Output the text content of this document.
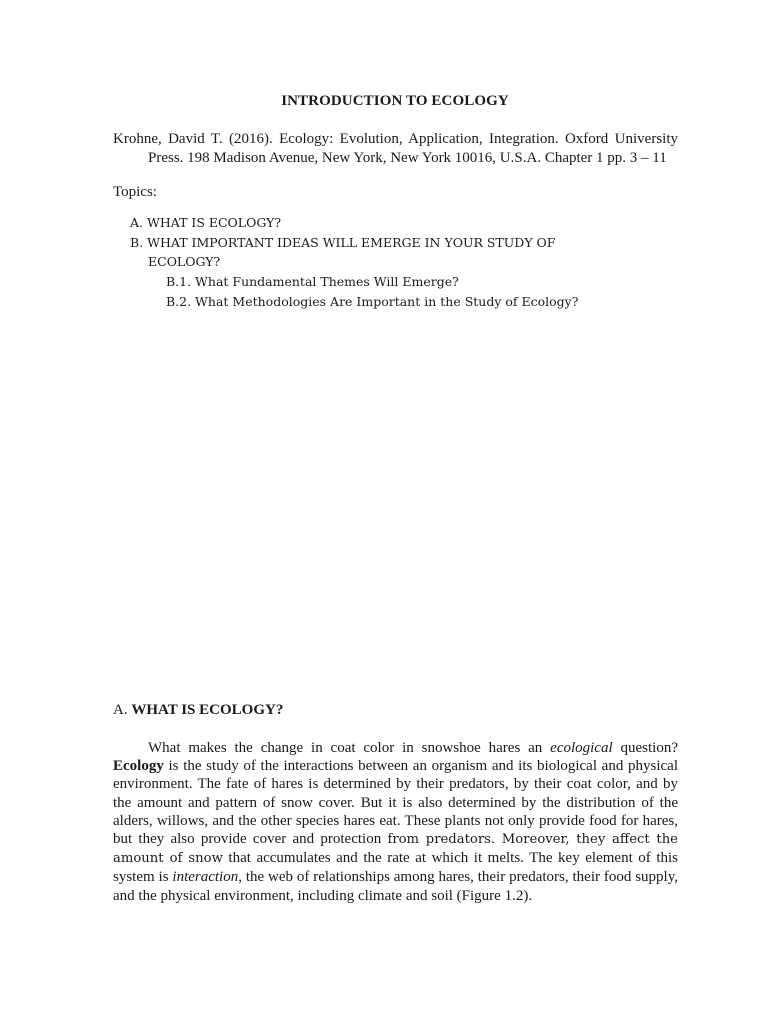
INTRODUCTION TO ECOLOGY
Krohne, David T. (2016). Ecology: Evolution, Application, Integration. Oxford University
Press. 198 Madison Avenue, New York, New York 10016, U.S.A. Chapter 1 pp. 3 – 11
Topics:
A. WHAT IS ECOLOGY?
B. WHAT IMPORTANT IDEAS WILL EMERGE IN YOUR STUDY OF
ECOLOGY?
B.1. What Fundamental Themes Will Emerge?
B.2. What Methodologies Are Important in the Study of Ecology?
A. WHAT IS ECOLOGY?
What makes the change in coat color in snowshoe hares an ecological question? Ecology is the study of the interactions between an organism and its biological and physical environment. The fate of hares is determined by their predators, by their coat color, and by the amount and pattern of snow cover. But it is also determined by the distribution of the alders, willows, and the other species hares eat. These plants not only provide food for hares, but they also provide cover and protection from predators. Moreover, they affect the amount of snow that accumulates and the rate at which it melts. The key element of this system is interaction, the web of relationships among hares, their predators, their food supply, and the physical environment, including climate and soil (Figure 1.2).
